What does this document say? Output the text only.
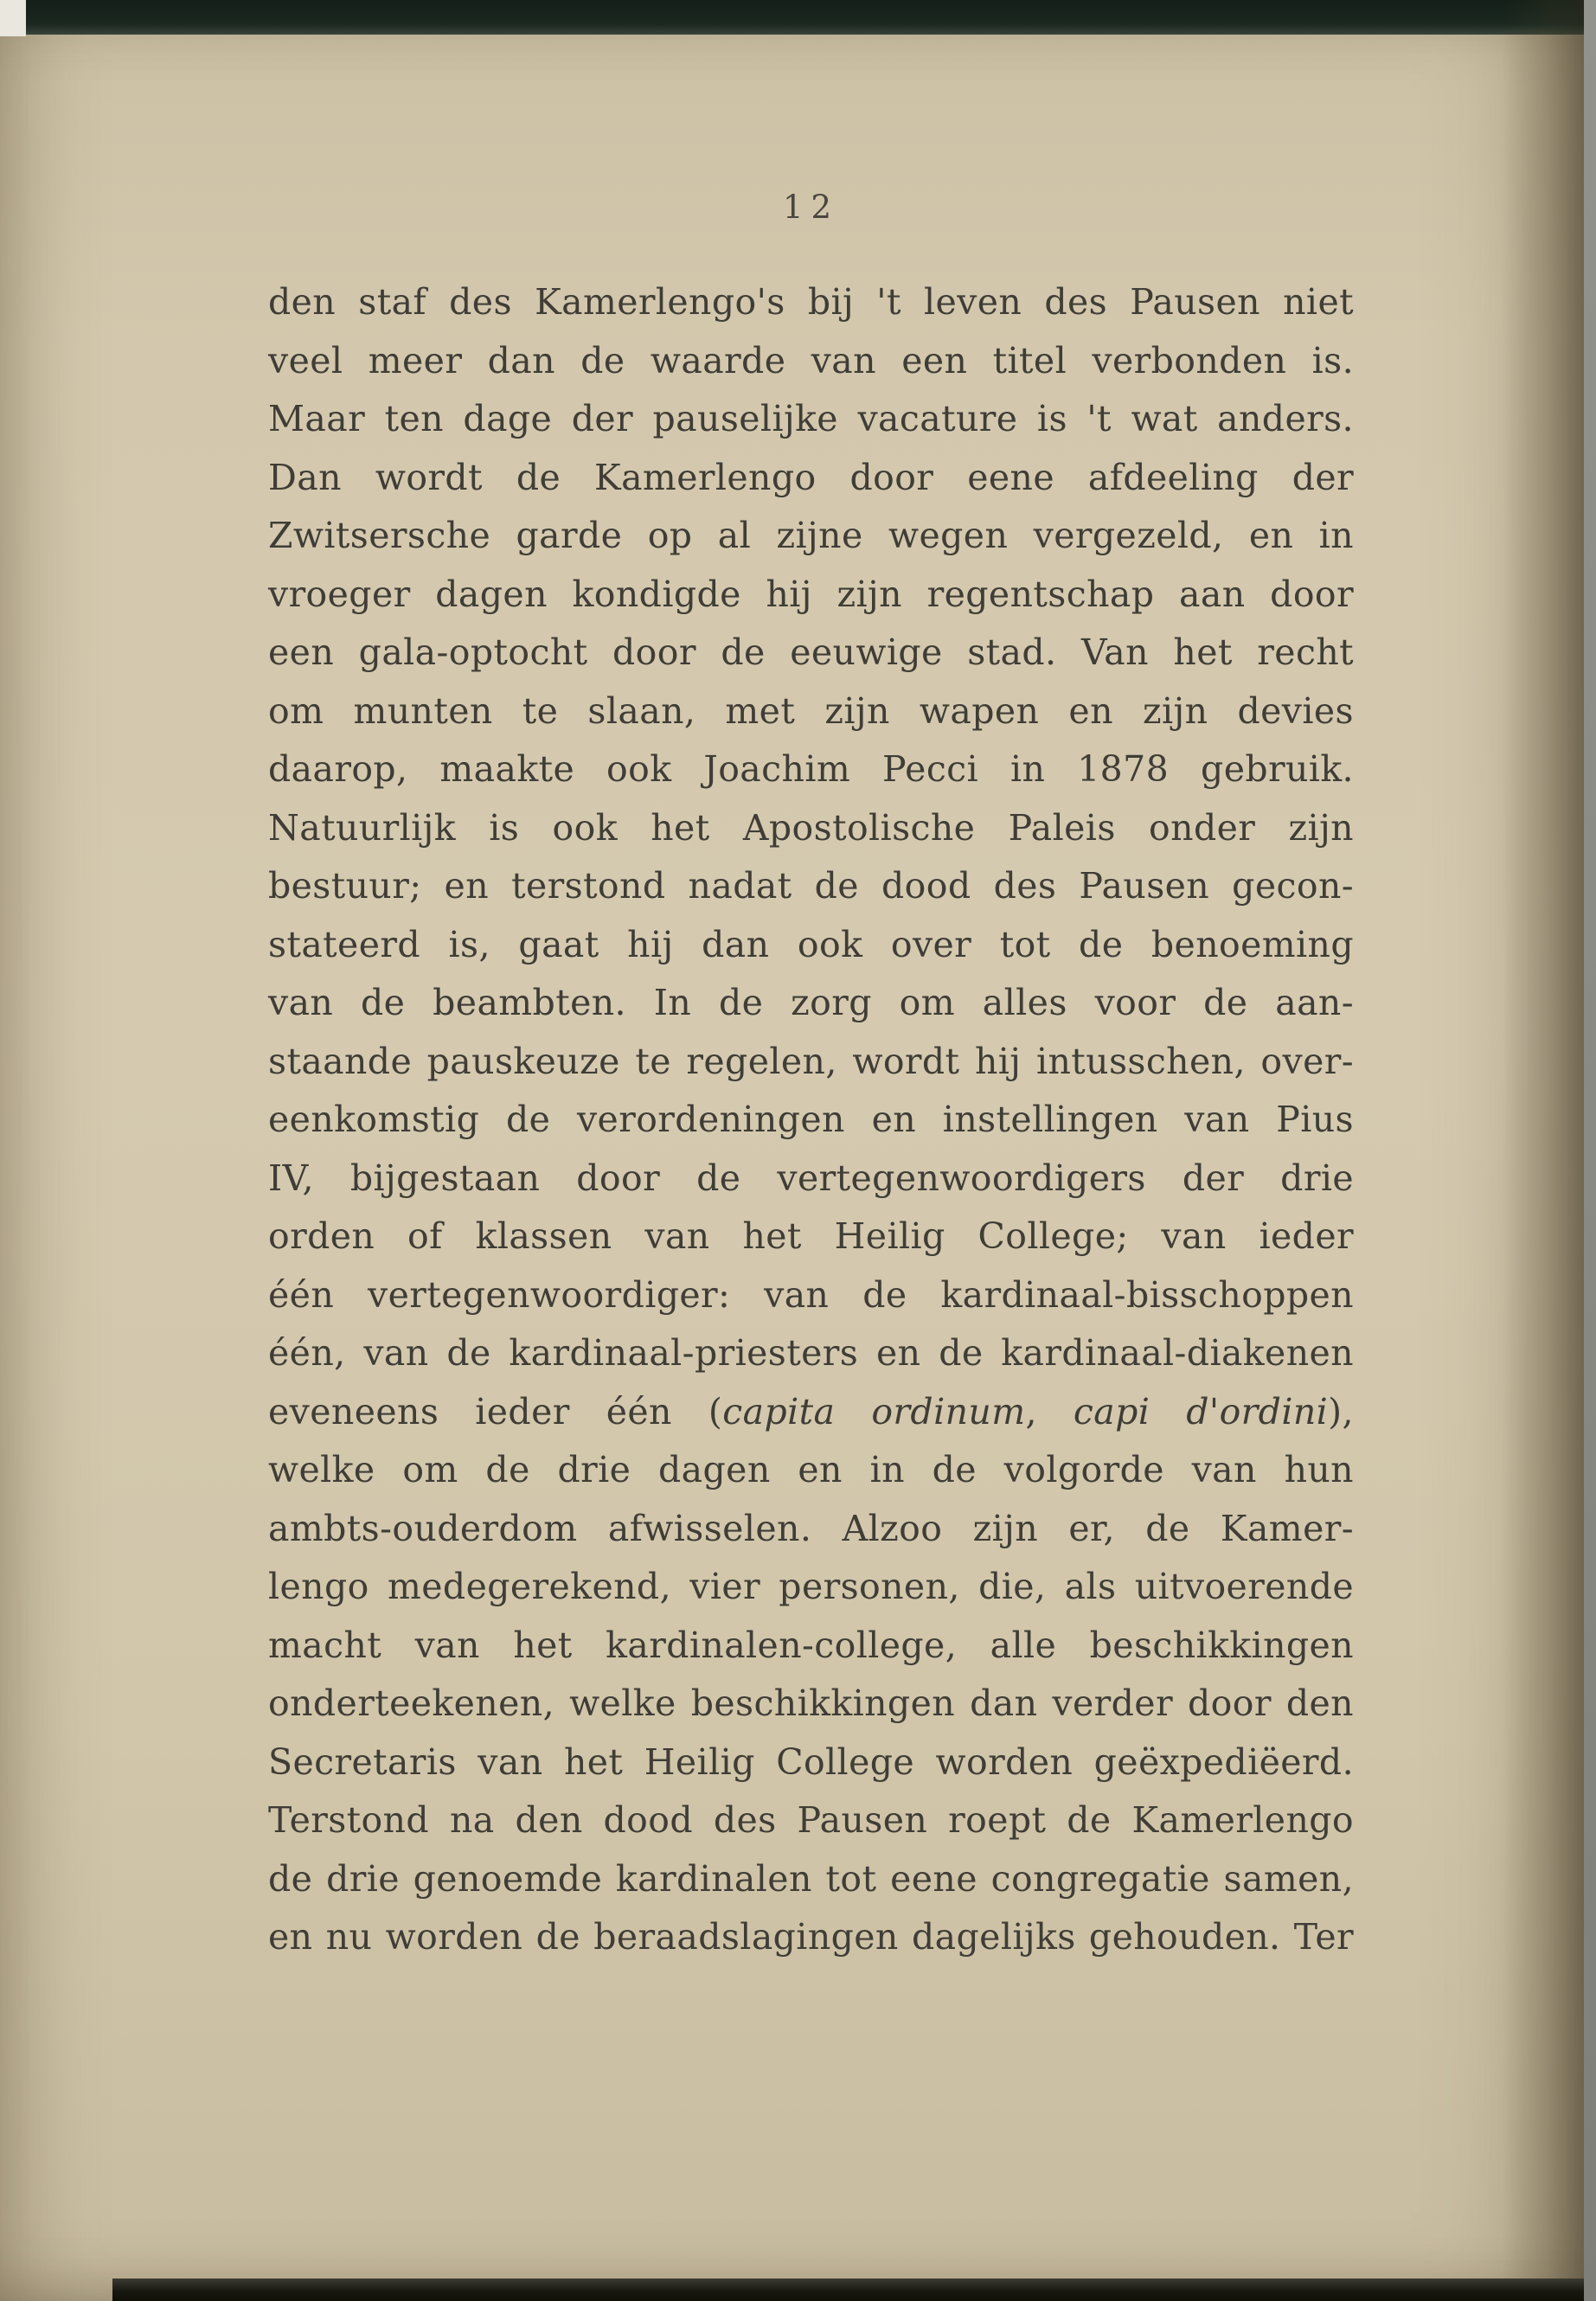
12
den staf des Kamerlengo's bij 't leven des Pausen niet
veel meer dan de waarde van een titel verbonden is.
Maar ten dage der pauselijke vacature is 't wat anders.
Dan wordt de Kamerlengo door eene afdeeling der
Zwitsersche garde op al zijne wegen vergezeld, en in
vroeger dagen kondigde hij zijn regentschap aan door
een gala-optocht door de eeuwige stad. Van het recht
om munten te slaan, met zijn wapen en zijn devies
daarop, maakte ook Joachim Pecci in 1878 gebruik.
Natuurlijk is ook het Apostolische Paleis onder zijn
bestuur; en terstond nadat de dood des Pausen gecon-
stateerd is, gaat hij dan ook over tot de benoeming
van de beambten. In de zorg om alles voor de aan-
staande pauskeuze te regelen, wordt hij intusschen, over-
eenkomstig de verordeningen en instellingen van Pius
IV, bijgestaan door de vertegenwoordigers der drie
orden of klassen van het Heilig College; van ieder
één vertegenwoordiger: van de kardinaal-bisschoppen
één, van de kardinaal-priesters en de kardinaal-diakenen
eveneens ieder één (capita ordinum, capi d'ordini),
welke om de drie dagen en in de volgorde van hun
ambts-ouderdom afwisselen. Alzoo zijn er, de Kamer-
lengo medegerekend, vier personen, die, als uitvoerende
macht van het kardinalen-college, alle beschikkingen
onderteekenen, welke beschikkingen dan verder door den
Secretaris van het Heilig College worden geëxpediëerd.
Terstond na den dood des Pausen roept de Kamerlengo
de drie genoemde kardinalen tot eene congregatie samen,
en nu worden de beraadslagingen dagelijks gehouden. Ter
